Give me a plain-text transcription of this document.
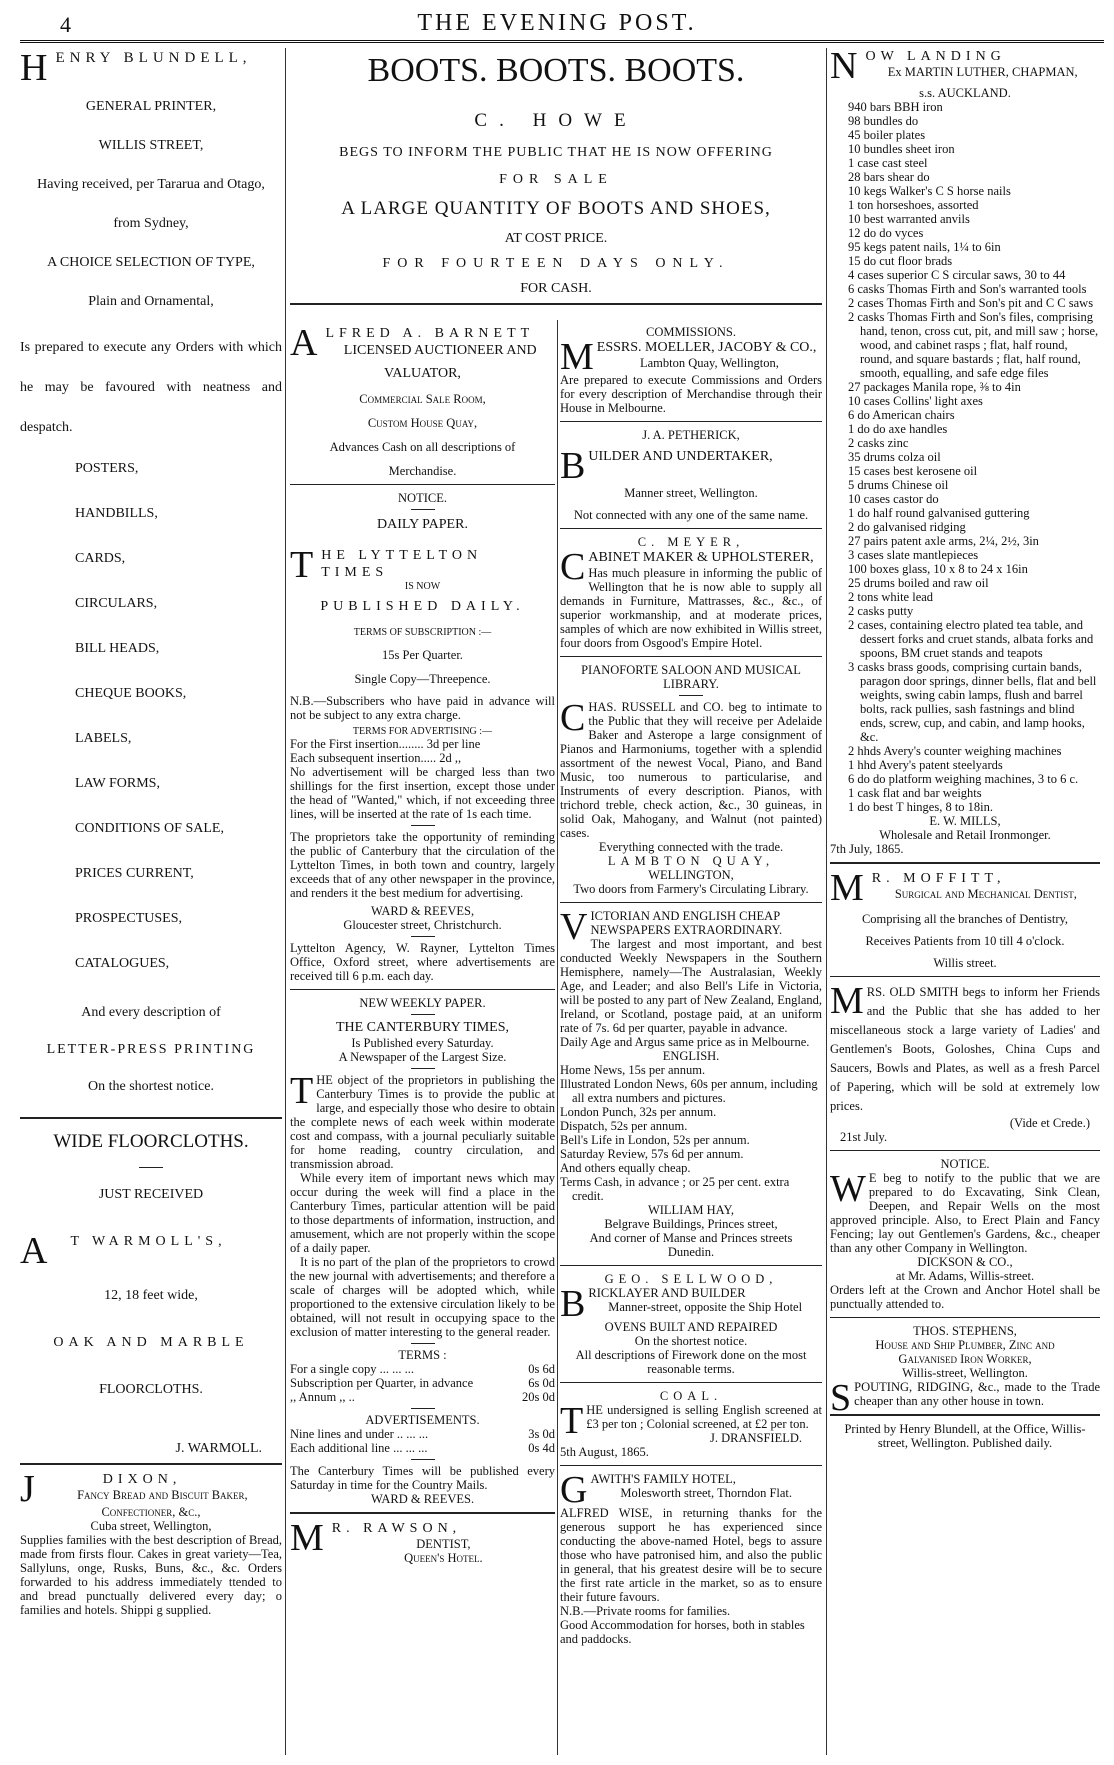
4	THE EVENING POST.
HENRY BLUNDELL,

GENERAL PRINTER,

WILLIS STREET,

Having received, per Tararua and Otago,

from Sydney,

A CHOICE SELECTION OF TYPE,

Plain and Ornamental,

Is prepared to execute any Orders with which he may be favoured with neatness and despatch.

POSTERS,

HANDBILLS,

CARDS,

CIRCULARS,

BILL HEADS,

CHEQUE BOOKS,

LABELS,

LAW FORMS,

CONDITIONS OF SALE,

PRICES CURRENT,

PROSPECTUSES,

CATALOGUES,

And every description of

LETTER-PRESS PRINTING

On the shortest notice.

WIDE FLOORCLOTHS.

JUST RECEIVED

A T WARMOLL'S,

12, 18 feet wide,

OAK AND MARBLE

FLOORCLOTHS.

J. WARMOLL.

J	DIXON,

Fancy Bread and Biscuit Baker,

Confectioner, &c.,

Cuba street, Wellington,

Supplies families with the best description of Bread, made from firsts flour. Cakes in great variety—Tea, Sallyluns, onge, Rusks, Buns, &c., &c. Orders forwarded to his address immediately ttended to and bread punctually delivered every day; o families and hotels. Shippi g supplied.

BOOTS. BOOTS. BOOTS.

C. HOWE

BEGS TO INFORM THE PUBLIC THAT HE IS NOW OFFERING

FOR SALE

A LARGE QUANTITY OF BOOTS AND SHOES,

AT COST PRICE.

FOR FOURTEEN DAYS ONLY.

FOR CASH.

ALFRED A. BARNETT

LICENSED AUCTIONEER AND

VALUATOR,

Commercial Sale Room,

Custom House Quay,

Advances Cash on all descriptions of

Merchandise.

NOTICE.

DAILY PAPER.

THE LYTTELTON TIMES

IS NOW

PUBLISHED DAILY.

TERMS OF SUBSCRIPTION :—

15s Per Quarter.

Single Copy—Threepence.

N.B.—Subscribers who have paid in advance will not be subject to any extra charge.

TERMS FOR ADVERTISING :—

For the First insertion........ 3d per line

Each subsequent insertion..... 2d ,,

No advertisement will be charged less than two shillings for the first insertion, except those under the head of "Wanted," which, if not exceeding three lines, will be inserted at the rate of 1s each time.

The proprietors take the opportunity of reminding the public of Canterbury that the circulation of the Lyttelton Times, in both town and country, largely exceeds that of any other newspaper in the province, and renders it the best medium for advertising.

WARD & REEVES,

Gloucester street, Christchurch.

Lyttelton Agency, W. Rayner, Lyttelton Times Office, Oxford street, where advertisements are received till 6 p.m. each day.

NEW WEEKLY PAPER.

THE CANTERBURY TIMES,

Is Published every Saturday.

A Newspaper of the Largest Size.

THE object of the proprietors in publishing the Canterbury Times is to provide the public at large, and especially those who desire to obtain the complete news of each week within moderate cost and compass, with a journal peculiarly suitable for home reading, country circulation, and transmission abroad.

While every item of important news which may occur during the week will find a place in the Canterbury Times, particular attention will be paid to those departments of information, instruction, and amusement, which are not properly within the scope of a daily paper.

It is no part of the plan of the proprietors to crowd the new journal with advertisements; and therefore a scale of charges will be adopted which, while proportioned to the extensive circulation likely to be obtained, will not result in occupying space to the exclusion of matter interesting to the general reader.

TERMS :

For a single copy ... ... ...	0s 6d
Subscription per Quarter, in advance	6s 0d
,, Annum ,, ..	20s 0d

ADVERTISEMENTS.

Nine lines and under .. ... ...	3s 0d
Each additional line ... ... ...	0s 4d

The Canterbury Times will be published every Saturday in time for the Country Mails.

WARD & REEVES.

M R. RAWSON,

DENTIST,

Queen's Hotel.

COMMISSIONS.

MESSRS. MOELLER, JACOBY & CO.,

Lambton Quay, Wellington,

Are prepared to execute Commissions and Orders for every description of Merchandise through their House in Melbourne.

J. A. PETHERICK,

BUILDER AND UNDERTAKER,

Manner street, Wellington.

Not connected with any one of the same name.

C. MEYER,

CABINET MAKER & UPHOLSTERER,

Has much pleasure in informing the public of Wellington that he is now able to supply all demands in Furniture, Mattrasses, &c., &c., of superior workmanship, and at moderate prices, samples of which are now exhibited in Willis street, four doors from Osgood's Empire Hotel.

PIANOFORTE SALOON AND MUSICAL LIBRARY.

CHAS. RUSSELL and CO. beg to intimate to the Public that they will receive per Adelaide Baker and Asterope a large consignment of Pianos and Harmoniums, together with a splendid assortment of the newest Vocal, Piano, and Band Music, too numerous to particularise, and Instruments of every description. Pianos, with trichord treble, check action, &c., 30 guineas, in solid Oak, Mahogany, and Walnut (not painted) cases.

Everything connected with the trade.

LAMBTON QUAY,

WELLINGTON,

Two doors from Farmery's Circulating Library.

VICTORIAN AND ENGLISH CHEAP NEWSPAPERS EXTRAORDINARY.

The largest and most important, and best conducted Weekly Newspapers in the Southern Hemisphere, namely—The Australasian, Weekly Age, and Leader; and also Bell's Life in Victoria, will be posted to any part of New Zealand, England, Ireland, or Scotland, postage paid, at an uniform rate of 7s. 6d per quarter, payable in advance.

Daily Age and Argus same price as in Melbourne.

ENGLISH.

Home News, 15s per annum.

Illustrated London News, 60s per annum, including all extra numbers and pictures.

London Punch, 32s per annum.

Dispatch, 52s per annum.

Bell's Life in London, 52s per annum.

Saturday Review, 57s 6d per annum.

And others equally cheap.

Terms Cash, in advance ; or 25 per cent. extra credit.

WILLIAM HAY,

Belgrave Buildings, Princes street,

And corner of Manse and Princes streets

Dunedin.

GEO. SELLWOOD,

BRICKLAYER AND BUILDER

Manner-street, opposite the Ship Hotel

OVENS BUILT AND REPAIRED

On the shortest notice.

All descriptions of Firework done on the most reasonable terms.

COAL.

THE undersigned is selling English screened at £3 per ton ; Colonial screened, at £2 per ton.

J. DRANSFIELD.

5th August, 1865.

GAWITH'S FAMILY HOTEL,

Molesworth street, Thorndon Flat.

ALFRED WISE, in returning thanks for the generous support he has experienced since conducting the above-named Hotel, begs to assure those who have patronised him, and also the public in general, that his greatest desire will be to secure the first rate article in the market, so as to ensure their future favours.

N.B.—Private rooms for families.

Good Accommodation for horses, both in stables and paddocks.

NOW LANDING

Ex MARTIN LUTHER, CHAPMAN,

s.s. AUCKLAND.

940 bars BBH iron

98 bundles do

45 boiler plates

10 bundles sheet iron

1 case cast steel

28 bars shear do

10 kegs Walker's C S horse nails

1 ton horseshoes, assorted

10 best warranted anvils

12 do do vyces

95 kegs patent nails, 1¼ to 6in

15 do cut floor brads

4 cases superior C S circular saws, 30 to 44

6 casks Thomas Firth and Son's warranted tools

2 cases Thomas Firth and Son's pit and C C saws

2 casks Thomas Firth and Son's files, comprising hand, tenon, cross cut, pit, and mill saw ; horse, wood, and cabinet rasps ; flat, half round, round, and square bastards ; flat, half round, smooth, equalling, and safe edge files

27 packages Manila rope, ⅜ to 4in

10 cases Collins' light axes

6 do American chairs

1 do do axe handles

2 casks zinc

35 drums colza oil

15 cases best kerosene oil

5 drums Chinese oil

10 cases castor do

1 do half round galvanised guttering

2 do galvanised ridging

27 pairs patent axle arms, 2¼, 2½, 3in

3 cases slate mantlepieces

100 boxes glass, 10 x 8 to 24 x 16in

25 drums boiled and raw oil

2 tons white lead

2 casks putty

2 cases, containing electro plated tea table, and dessert forks and cruet stands, albata forks and spoons, BM cruet stands and teapots

3 casks brass goods, comprising curtain bands, paragon door springs, dinner bells, flat and bell weights, swing cabin lamps, flush and barrel bolts, rack pullies, sash fastnings and blind ends, screw, cup, and cabin, and lamp hooks, &c.

2 hhds Avery's counter weighing machines

1 hhd Avery's patent steelyards

6 do do platform weighing machines, 3 to 6 c.

1 cask flat and bar weights

1 do best T hinges, 8 to 18in.

E. W. MILLS,

Wholesale and Retail Ironmonger.

7th July, 1865.

M R. MOFFITT,

Surgical and Mechanical Dentist,

Comprising all the branches of Dentistry,

Receives Patients from 10 till 4 o'clock.

Willis street.

MRS. OLD SMITH begs to inform her Friends and the Public that she has added to her miscellaneous stock a large variety of Ladies' and Gentlemen's Boots, Goloshes, China Cups and Saucers, Bowls and Plates, as well as a fresh Parcel of Papering, which will be sold at extremely low prices.

(Vide et Crede.)

21st July.

NOTICE.

W E beg to notify to the public that we are prepared to do Excavating, Sink Clean, Deepen, and Repair Wells on the most approved principle. Also, to Erect Plain and Fancy Fencing; lay out Gentlemen's Gardens, &c., cheaper than any other Company in Wellington.

DICKSON & CO.,

at Mr. Adams, Willis-street.

Orders left at the Crown and Anchor Hotel shall be punctually attended to.

THOS. STEPHENS,

House and Ship Plumber, Zinc and

Galvanised Iron Worker,

Willis-street, Wellington.

SPOUTING, RIDGING, &c., made to the Trade cheaper than any other house in town.

Printed by Henry Blundell, at the Office, Willis-street, Wellington. Published daily.
